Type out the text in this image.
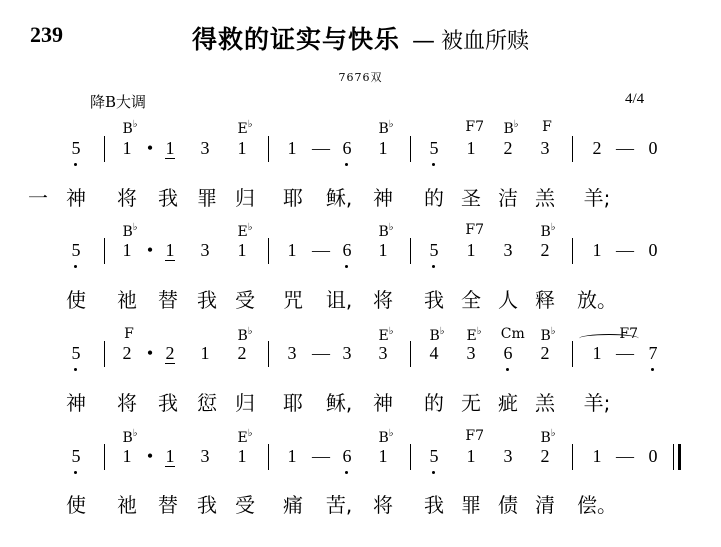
239	得救的证实与快乐 — 被血所赎
7676双
降B大调	4/4
B♭	E♭	B♭	F7 B♭ F
5	1 • 1	3	1	1 — 6	1	5	1	2	3	2 — 0
一 神 将 我 罪 归 耶 稣, 神 的 圣 洁 羔 羊;
B♭	E♭	B♭	F7	B♭
5	1 • 1	3	1	1 — 6	1	5	1	3	2	1 — 0
使 祂 替 我 受 咒 诅, 将 我 全 人 释 放。
F	B♭	E♭	B♭ E♭ Cm B♭	F7
5	2 • 2	1	2	3 — 3	3	4	3	6	2	1 — 7
神 将 我 愆 归 耶 稣, 神 的 无 疵 羔 羊;
B♭	E♭	B♭	F7	B♭
5	1 • 1	3	1	1 — 6	1	5	1	3	2	1 — 0
使 祂 替 我 受 痛 苦, 将 我 罪 债 清 偿。
